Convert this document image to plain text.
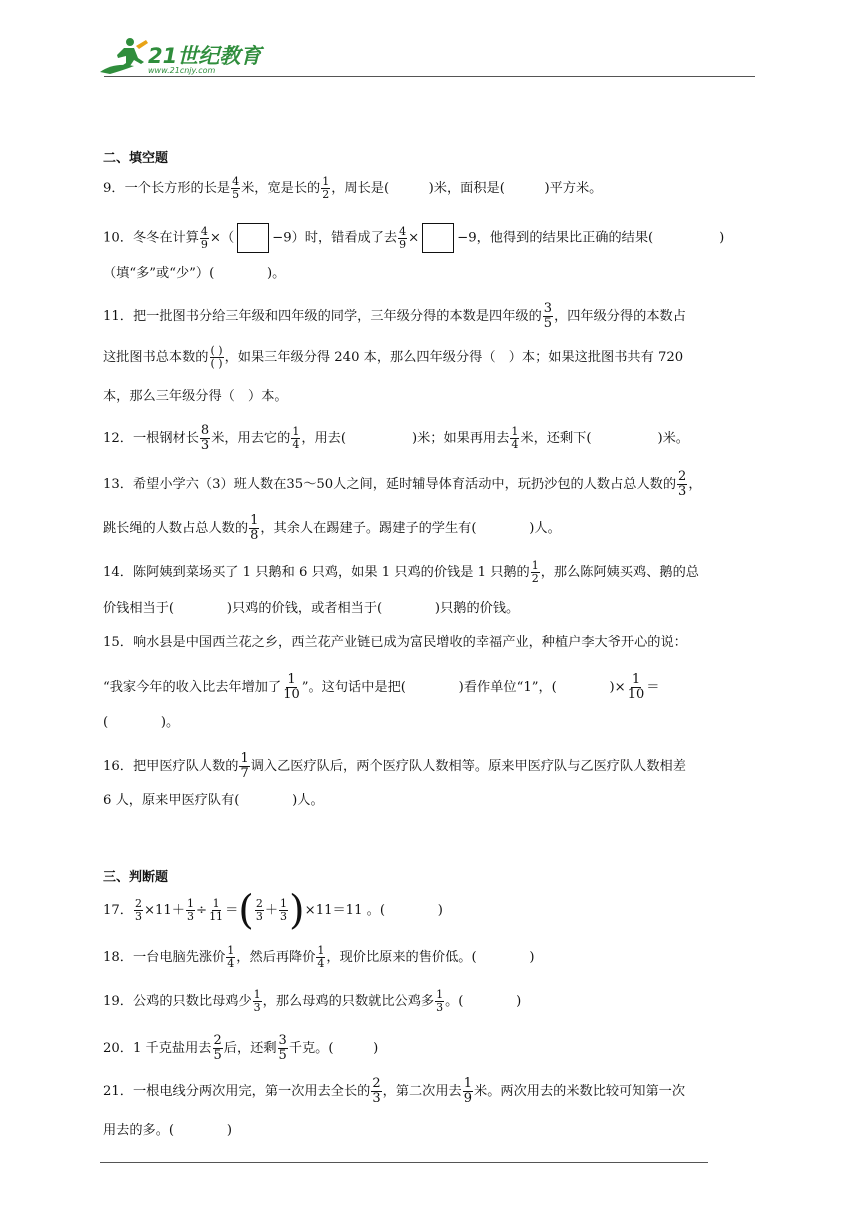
21世纪教育
www.21cnjy.com
二、填空题
9．一个长方形的长是 $\frac{4}{5}$ 米，宽是长的 $\frac{1}{2}$ ，周长是(　　　)米，面积是(　　　)平方米。
10．冬冬在计算 $\frac{4}{9}$ ×（	−9）时，错看成了去 $\frac{4}{9}$ ×	−9，他得到的结果比正确的结果(　　　　　)
（填“多”或“少”）(　　　　)。
11．把一批图书分给三年级和四年级的同学，三年级分得的本数是四年级的 $\frac{3}{5}$ ，四年级分得的本数占
这批图书总本数的 $\frac{( )}{( )}$ ，如果三年级分得 240 本，那么四年级分得（　）本；如果这批图书共有 720
本，那么三年级分得（　）本。
12．一根钢材长 $\frac{8}{3}$ 米，用去它的 $\frac{1}{4}$ ，用去(　　　　　)米；如果再用去 $\frac{1}{4}$ 米，还剩下(　　　　　)米。
13．希望小学六（3）班人数在35～50人之间，延时辅导体育活动中，玩扔沙包的人数占总人数的 $\frac{2}{3}$ ，
跳长绳的人数占总人数的 $\frac{1}{8}$ ，其余人在踢建子。踢建子的学生有(　　　　)人。
14．陈阿姨到菜场买了 1 只鹅和 6 只鸡，如果 1 只鸡的价钱是 1 只鹅的 $\frac{1}{2}$ ，那么陈阿姨买鸡、鹅的总
价钱相当于(　　　　)只鸡的价钱，或者相当于(　　　　)只鹅的价钱。
15．响水县是中国西兰花之乡，西兰花产业链已成为富民增收的幸福产业，种植户李大爷开心的说：
“我家今年的收入比去年增加了 $\frac{1}{10}$ ”。这句话中是把(　　　　)看作单位“1”，(　　　　)× $\frac{1}{10}$ ＝
(　　　　)。
16．把甲医疗队人数的 $\frac{1}{7}$ 调入乙医疗队后，两个医疗队人数相等。原来甲医疗队与乙医疗队人数相差
6 人，原来甲医疗队有(　　　　)人。
三、判断题
17． $\frac{2}{3} \times 11+ \frac{1}{3} \div \frac{1}{11}$ ＝( $\frac{2}{3} + \frac{1}{3} )\times 11=11$ 。(　　　　)
18．一台电脑先涨价 $\frac{1}{4}$ ，然后再降价 $\frac{1}{4}$ ，现价比原来的售价低。(　　　　)
19．公鸡的只数比母鸡少 $\frac{1}{3}$ ，那么母鸡的只数就比公鸡多 $\frac{1}{3}$ 。(　　　　)
20．1 千克盐用去 $\frac{2}{5}$ 后，还剩 $\frac{3}{5}$ 千克。(　　　)
21．一根电线分两次用完，第一次用去全长的 $\frac{2}{3}$ ，第二次用去 $\frac{1}{9}$ 米。两次用去的米数比较可知第一次
用去的多。(　　　　)
